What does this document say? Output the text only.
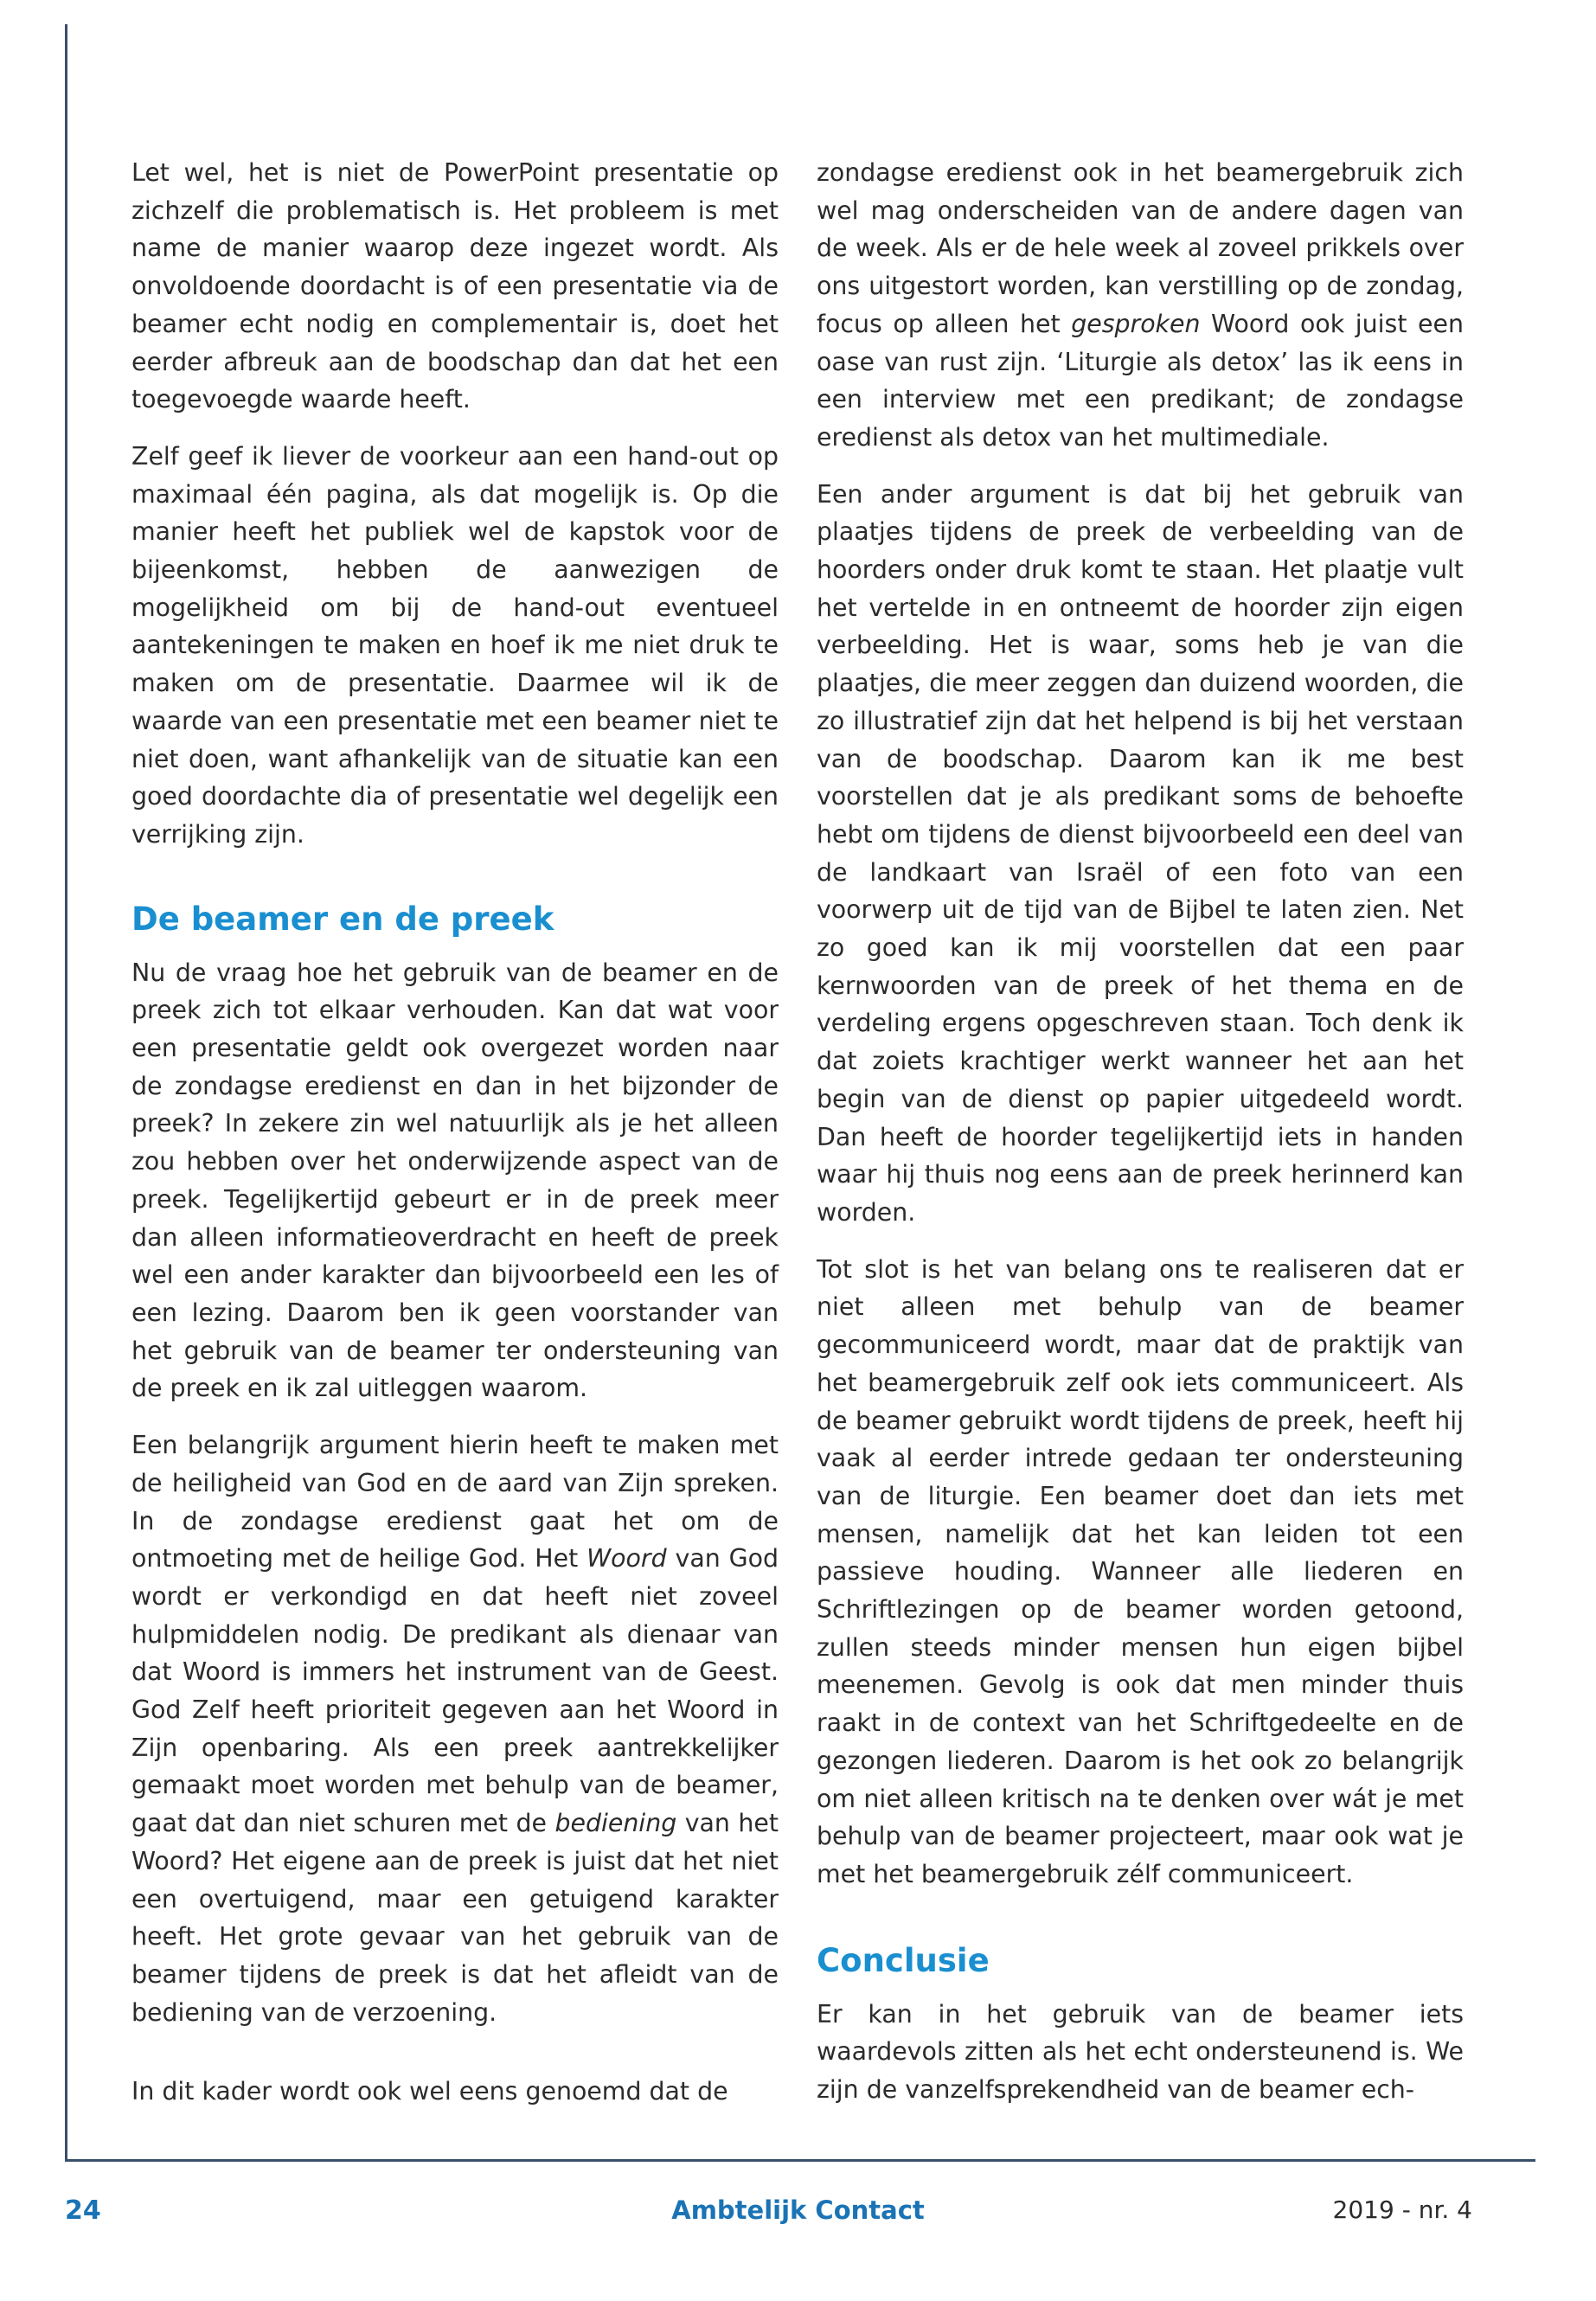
Let wel, het is niet de PowerPoint presentatie op zichzelf die problematisch is. Het probleem is met name de manier waarop deze ingezet wordt. Als onvoldoende doordacht is of een presentatie via de beamer echt nodig en complementair is, doet het eerder afbreuk aan de boodschap dan dat het een toegevoegde waarde heeft.

Zelf geef ik liever de voorkeur aan een hand-out op maximaal één pagina, als dat mogelijk is. Op die manier heeft het publiek wel de kapstok voor de bijeenkomst, hebben de aanwezigen de mogelijkheid om bij de hand-out eventueel aantekeningen te maken en hoef ik me niet druk te maken om de presentatie. Daarmee wil ik de waarde van een presentatie met een beamer niet te niet doen, want afhankelijk van de situatie kan een goed doordachte dia of presentatie wel degelijk een verrijking zijn.

De beamer en de preek

Nu de vraag hoe het gebruik van de beamer en de preek zich tot elkaar verhouden. Kan dat wat voor een presentatie geldt ook overgezet worden naar de zondagse eredienst en dan in het bijzonder de preek? In zekere zin wel natuurlijk als je het alleen zou hebben over het onderwijzende aspect van de preek. Tegelijkertijd gebeurt er in de preek meer dan alleen informatieoverdracht en heeft de preek wel een ander karakter dan bijvoorbeeld een les of een lezing. Daarom ben ik geen voorstander van het gebruik van de beamer ter ondersteuning van de preek en ik zal uitleggen waarom.

Een belangrijk argument hierin heeft te maken met de heiligheid van God en de aard van Zijn spreken. In de zondagse eredienst gaat het om de ontmoeting met de heilige God. Het Woord van God wordt er verkondigd en dat heeft niet zoveel hulpmiddelen nodig. De predikant als dienaar van dat Woord is immers het instrument van de Geest. God Zelf heeft prioriteit gegeven aan het Woord in Zijn openbaring. Als een preek aantrekkelijker gemaakt moet worden met behulp van de beamer, gaat dat dan niet schuren met de bediening van het Woord? Het eigene aan de preek is juist dat het niet een overtuigend, maar een getuigend karakter heeft. Het grote gevaar van het gebruik van de beamer tijdens de preek is dat het afleidt van de bediening van de verzoening.

In dit kader wordt ook wel eens genoemd dat de

zondagse eredienst ook in het beamergebruik zich wel mag onderscheiden van de andere dagen van de week. Als er de hele week al zoveel prikkels over ons uitgestort worden, kan verstilling op de zondag, focus op alleen het gesproken Woord ook juist een oase van rust zijn. ‘Liturgie als detox’ las ik eens in een interview met een predikant; de zondagse eredienst als detox van het multimediale.

Een ander argument is dat bij het gebruik van plaatjes tijdens de preek de verbeelding van de hoorders onder druk komt te staan. Het plaatje vult het vertelde in en ontneemt de hoorder zijn eigen verbeelding. Het is waar, soms heb je van die plaatjes, die meer zeggen dan duizend woorden, die zo illustratief zijn dat het helpend is bij het verstaan van de boodschap. Daarom kan ik me best voorstellen dat je als predikant soms de behoefte hebt om tijdens de dienst bijvoorbeeld een deel van de landkaart van Israël of een foto van een voorwerp uit de tijd van de Bijbel te laten zien. Net zo goed kan ik mij voorstellen dat een paar kernwoorden van de preek of het thema en de verdeling ergens opgeschreven staan. Toch denk ik dat zoiets krachtiger werkt wanneer het aan het begin van de dienst op papier uitgedeeld wordt. Dan heeft de hoorder tegelijkertijd iets in handen waar hij thuis nog eens aan de preek herinnerd kan worden.

Tot slot is het van belang ons te realiseren dat er niet alleen met behulp van de beamer gecommuniceerd wordt, maar dat de praktijk van het beamergebruik zelf ook iets communiceert. Als de beamer gebruikt wordt tijdens de preek, heeft hij vaak al eerder intrede gedaan ter ondersteuning van de liturgie. Een beamer doet dan iets met mensen, namelijk dat het kan leiden tot een passieve houding. Wanneer alle liederen en Schriftlezingen op de beamer worden getoond, zullen steeds minder mensen hun eigen bijbel meenemen. Gevolg is ook dat men minder thuis raakt in de context van het Schriftgedeelte en de gezongen liederen. Daarom is het ook zo belangrijk om niet alleen kritisch na te denken over wát je met behulp van de beamer projecteert, maar ook wat je met het beamergebruik zélf communiceert.

Conclusie

Er kan in het gebruik van de beamer iets waardevols zitten als het echt ondersteunend is. We zijn de vanzelfsprekendheid van de beamer ech-

24	Ambtelijk Contact	2019 - nr. 4
